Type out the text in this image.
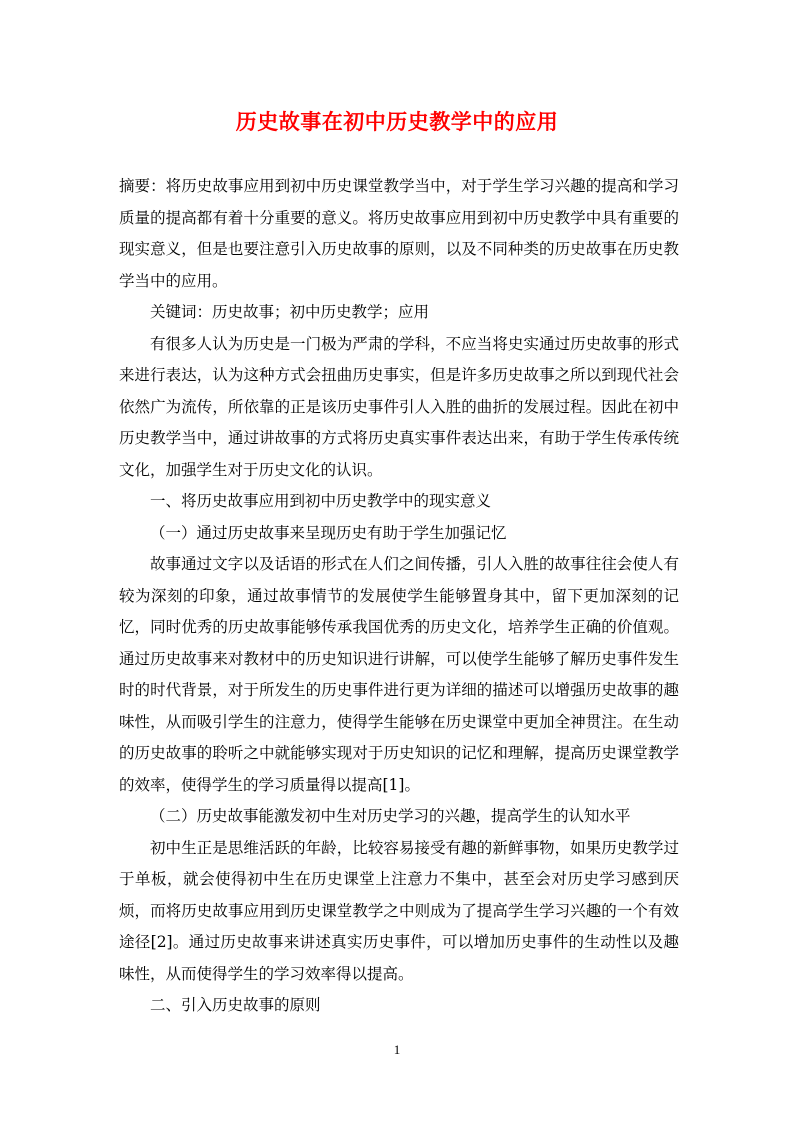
历史故事在初中历史教学中的应用

摘要：将历史故事应用到初中历史课堂教学当中，对于学生学习兴趣的提高和学习质量的提高都有着十分重要的意义。将历史故事应用到初中历史教学中具有重要的现实意义，但是也要注意引入历史故事的原则，以及不同种类的历史故事在历史教学当中的应用。

关键词：历史故事；初中历史教学；应用

有很多人认为历史是一门极为严肃的学科，不应当将史实通过历史故事的形式来进行表达，认为这种方式会扭曲历史事实，但是许多历史故事之所以到现代社会依然广为流传，所依靠的正是该历史事件引人入胜的曲折的发展过程。因此在初中历史教学当中，通过讲故事的方式将历史真实事件表达出来，有助于学生传承传统文化，加强学生对于历史文化的认识。

一、将历史故事应用到初中历史教学中的现实意义

（一）通过历史故事来呈现历史有助于学生加强记忆

故事通过文字以及话语的形式在人们之间传播，引人入胜的故事往往会使人有较为深刻的印象，通过故事情节的发展使学生能够置身其中，留下更加深刻的记忆，同时优秀的历史故事能够传承我国优秀的历史文化，培养学生正确的价值观。通过历史故事来对教材中的历史知识进行讲解，可以使学生能够了解历史事件发生时的时代背景，对于所发生的历史事件进行更为详细的描述可以增强历史故事的趣味性，从而吸引学生的注意力，使得学生能够在历史课堂中更加全神贯注。在生动的历史故事的聆听之中就能够实现对于历史知识的记忆和理解，提高历史课堂教学的效率，使得学生的学习质量得以提高[1]。

（二）历史故事能激发初中生对历史学习的兴趣，提高学生的认知水平

初中生正是思维活跃的年龄，比较容易接受有趣的新鲜事物，如果历史教学过于单板，就会使得初中生在历史课堂上注意力不集中，甚至会对历史学习感到厌烦，而将历史故事应用到历史课堂教学之中则成为了提高学生学习兴趣的一个有效途径[2]。通过历史故事来讲述真实历史事件，可以增加历史事件的生动性以及趣味性，从而使得学生的学习效率得以提高。

二、引入历史故事的原则

1
